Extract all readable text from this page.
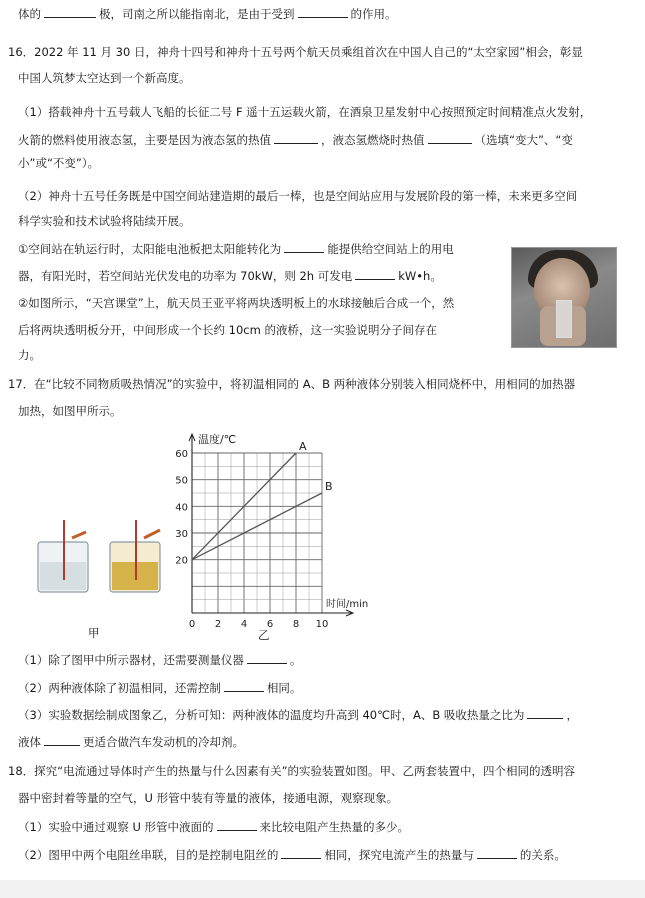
体的	极，司南之所以能指南北，是由于受到	的作用。
16．2022 年 11 月 30 日，神舟十四号和神舟十五号两个航天员乘组首次在中国人自己的“太空家园”相会，彰显
中国人筑梦太空达到一个新高度。
（1）搭载神舟十五号载人飞船的长征二号 F 遥十五运载火箭，在酒泉卫星发射中心按照预定时间精准点火发射，
火箭的燃料使用液态氢，主要是因为液态氢的热值	，液态氢燃烧时热值	（选填“变大”、“变
小”或“不变”）。
（2）神舟十五号任务既是中国空间站建造期的最后一棒，也是空间站应用与发展阶段的第一棒，未来更多空间
科学实验和技术试验将陆续开展。
①空间站在轨运行时，太阳能电池板把太阳能转化为	能提供给空间站上的用电
器，有阳光时，若空间站光伏发电的功率为 70kW，则 2h 可发电	kW•h。
②如图所示，“天宫课堂”上，航天员王亚平将两块透明板上的水球接触后合成一个，然
后将两块透明板分开，中间形成一个长约 10cm 的液桥，这一实验说明分子间存在
力。
17．在“比较不同物质吸热情况”的实验中，将初温相同的 A、B 两种液体分别装入相同烧杯中，用相同的加热器
加热，如图甲所示。
甲	乙
温度/℃
时间/min
0 2 4 6 8 10
20
30
40
50
60
A
B
（1）除了图甲中所示器材，还需要测量仪器	。
（2）两种液体除了初温相同，还需控制	相同。
（3）实验数据绘制成图象乙，分析可知：两种液体的温度均升高到 40℃时，A、B 吸收热量之比为	，
液体	更适合做汽车发动机的冷却剂。
18．探究“电流通过导体时产生的热量与什么因素有关”的实验装置如图。甲、乙两套装置中，四个相同的透明容
器中密封着等量的空气，U 形管中装有等量的液体，接通电源，观察现象。
（1）实验中通过观察 U 形管中液面的	来比较电阻产生热量的多少。
（2）图甲中两个电阻丝串联，目的是控制电阻丝的	相同，探究电流产生的热量与	的关系。
